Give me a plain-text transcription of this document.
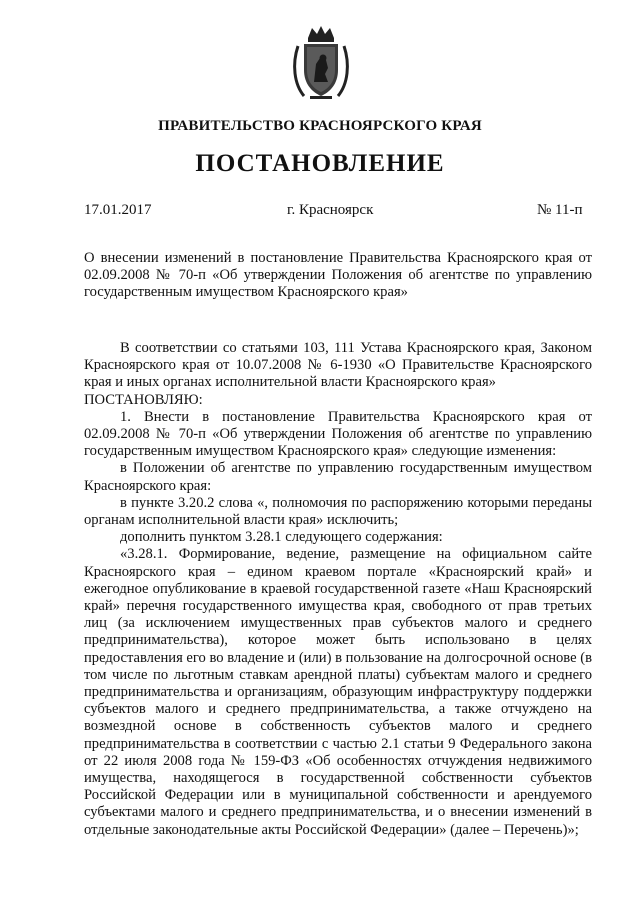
ПРАВИТЕЛЬСТВО КРАСНОЯРСКОГО КРАЯ
ПОСТАНОВЛЕНИЕ
17.01.2017	г. Красноярск	№ 11-п
О внесении изменений в постановление Правительства Красноярского края от 02.09.2008 № 70-п «Об утверждении Положения об агентстве по управлению государственным имуществом Красноярского края»

В соответствии со статьями 103, 111 Устава Красноярского края, Законом Красноярского края от 10.07.2008 № 6-1930 «О Правительстве Красноярского края и иных органах исполнительной власти Красноярского края»

ПОСТАНОВЛЯЮ:

1. Внести в постановление Правительства Красноярского края от 02.09.2008 № 70-п «Об утверждении Положения об агентстве по управлению государственным имуществом Красноярского края» следующие изменения:

в Положении об агентстве по управлению государственным имуществом Красноярского края:

в пункте 3.20.2 слова «, полномочия по распоряжению которыми переданы органам исполнительной власти края» исключить;

дополнить пунктом 3.28.1 следующего содержания:

«3.28.1. Формирование, ведение, размещение на официальном сайте Красноярского края – едином краевом портале «Красноярский край» и ежегодное опубликование в краевой государственной газете «Наш Красноярский край» перечня государственного имущества края, свободного от прав третьих лиц (за исключением имущественных прав субъектов малого и среднего предпринимательства), которое может быть использовано в целях предоставления его во владение и (или) в пользование на долгосрочной основе (в том числе по льготным ставкам арендной платы) субъектам малого и среднего предпринимательства и организациям, образующим инфраструктуру поддержки субъектов малого и среднего предпринимательства, а также отчуждено на возмездной основе в собственность субъектов малого и среднего предпринимательства в соответствии с частью 2.1 статьи 9 Федерального закона от 22 июля 2008 года № 159-ФЗ «Об особенностях отчуждения недвижимого имущества, находящегося в государственной собственности субъектов Российской Федерации или в муниципальной собственности и арендуемого субъектами малого и среднего предпринимательства, и о внесении изменений в отдельные законодательные акты Российской Федерации» (далее – Перечень)»;
